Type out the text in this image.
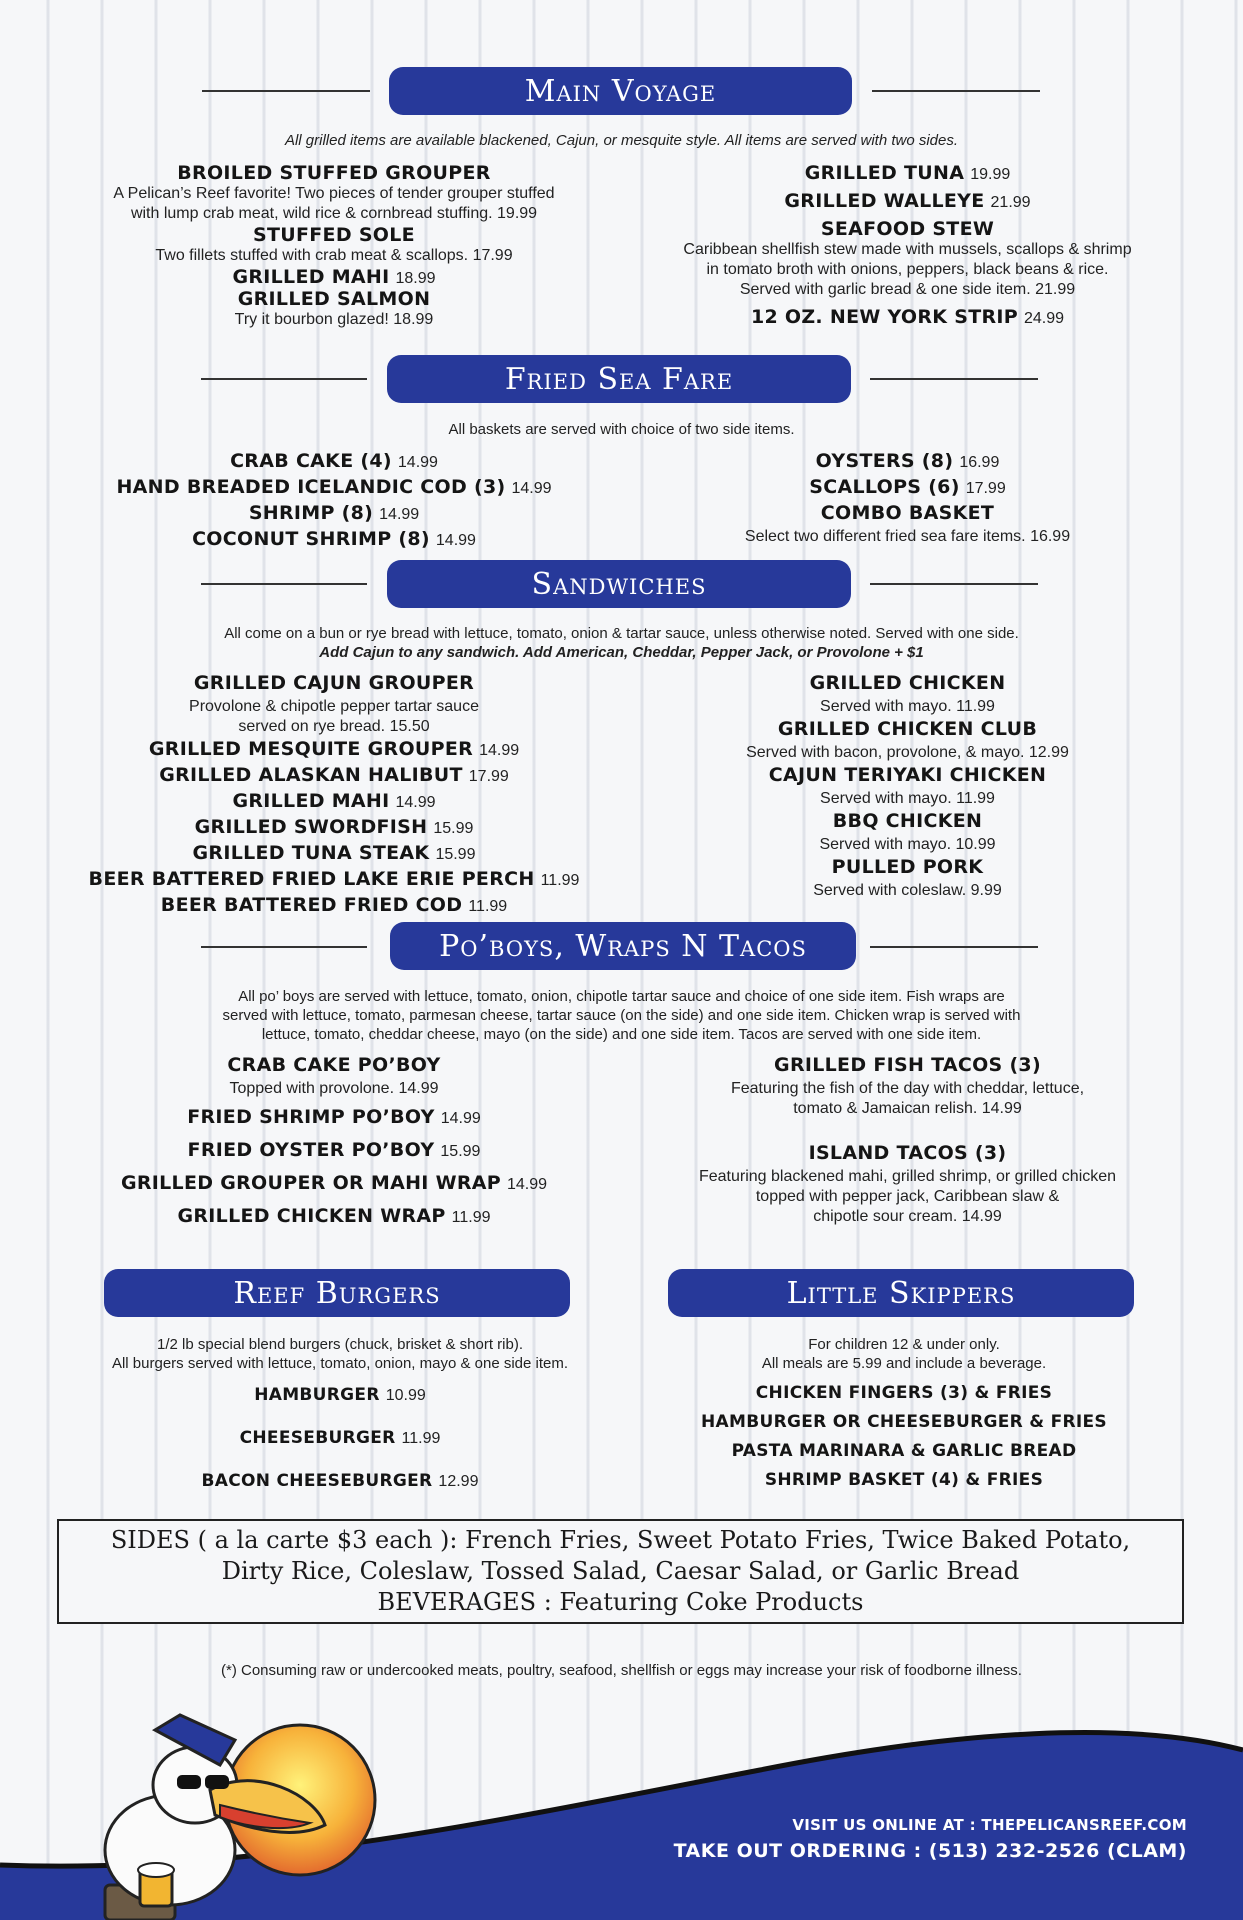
Main Voyage
All grilled items are available blackened, Cajun, or mesquite style. All items are served with two sides.
BROILED STUFFED GROUPER
A Pelican’s Reef favorite! Two pieces of tender grouper stuffed
with lump crab meat, wild rice & cornbread stuffing. 19.99
STUFFED SOLE
Two fillets stuffed with crab meat & scallops. 17.99
GRILLED MAHI 18.99
GRILLED SALMON
Try it bourbon glazed! 18.99
GRILLED TUNA 19.99
GRILLED WALLEYE 21.99
SEAFOOD STEW
Caribbean shellfish stew made with mussels, scallops & shrimp
in tomato broth with onions, peppers, black beans & rice.
Served with garlic bread & one side item. 21.99
12 OZ. NEW YORK STRIP 24.99
Fried Sea Fare
All baskets are served with choice of two side items.
CRAB CAKE (4) 14.99
HAND BREADED ICELANDIC COD (3) 14.99
SHRIMP (8) 14.99
COCONUT SHRIMP (8) 14.99
OYSTERS (8) 16.99
SCALLOPS (6) 17.99
COMBO BASKET
Select two different fried sea fare items. 16.99
Sandwiches
All come on a bun or rye bread with lettuce, tomato, onion & tartar sauce, unless otherwise noted. Served with one side.
Add Cajun to any sandwich. Add American, Cheddar, Pepper Jack, or Provolone + $1
GRILLED CAJUN GROUPER
Provolone & chipotle pepper tartar sauce
served on rye bread. 15.50
GRILLED MESQUITE GROUPER 14.99
GRILLED ALASKAN HALIBUT 17.99
GRILLED MAHI 14.99
GRILLED SWORDFISH 15.99
GRILLED TUNA STEAK 15.99
BEER BATTERED FRIED LAKE ERIE PERCH 11.99
BEER BATTERED FRIED COD 11.99
GRILLED CHICKEN
Served with mayo. 11.99
GRILLED CHICKEN CLUB
Served with bacon, provolone, & mayo. 12.99
CAJUN TERIYAKI CHICKEN
Served with mayo. 11.99
BBQ CHICKEN
Served with mayo. 10.99
PULLED PORK
Served with coleslaw. 9.99
Po’boys, Wraps N Tacos
All po’ boys are served with lettuce, tomato, onion, chipotle tartar sauce and choice of one side item. Fish wraps are
served with lettuce, tomato, parmesan cheese, tartar sauce (on the side) and one side item. Chicken wrap is served with
lettuce, tomato, cheddar cheese, mayo (on the side) and one side item. Tacos are served with one side item.
CRAB CAKE PO’BOY
Topped with provolone. 14.99
FRIED SHRIMP PO’BOY 14.99
FRIED OYSTER PO’BOY 15.99
GRILLED GROUPER OR MAHI WRAP 14.99
GRILLED CHICKEN WRAP 11.99
GRILLED FISH TACOS (3)
Featuring the fish of the day with cheddar, lettuce,
tomato & Jamaican relish. 14.99
ISLAND TACOS (3)
Featuring blackened mahi, grilled shrimp, or grilled chicken
topped with pepper jack, Caribbean slaw &
chipotle sour cream. 14.99
Reef Burgers
1/2 lb special blend burgers (chuck, brisket & short rib).
All burgers served with lettuce, tomato, onion, mayo & one side item.
HAMBURGER 10.99
CHEESEBURGER 11.99
BACON CHEESEBURGER 12.99
Little Skippers
For children 12 & under only.
All meals are 5.99 and include a beverage.
CHICKEN FINGERS (3) & FRIES
HAMBURGER OR CHEESEBURGER & FRIES
PASTA MARINARA & GARLIC BREAD
SHRIMP BASKET (4) & FRIES
SIDES ( a la carte $3 each ): French Fries, Sweet Potato Fries, Twice Baked Potato,
Dirty Rice, Coleslaw, Tossed Salad, Caesar Salad, or Garlic Bread
BEVERAGES : Featuring Coke Products
(*) Consuming raw or undercooked meats, poultry, seafood, shellfish or eggs may increase your risk of foodborne illness.
VISIT US ONLINE AT : THEPELICANSREEF.COM
TAKE OUT ORDERING : (513) 232-2526 (CLAM)
